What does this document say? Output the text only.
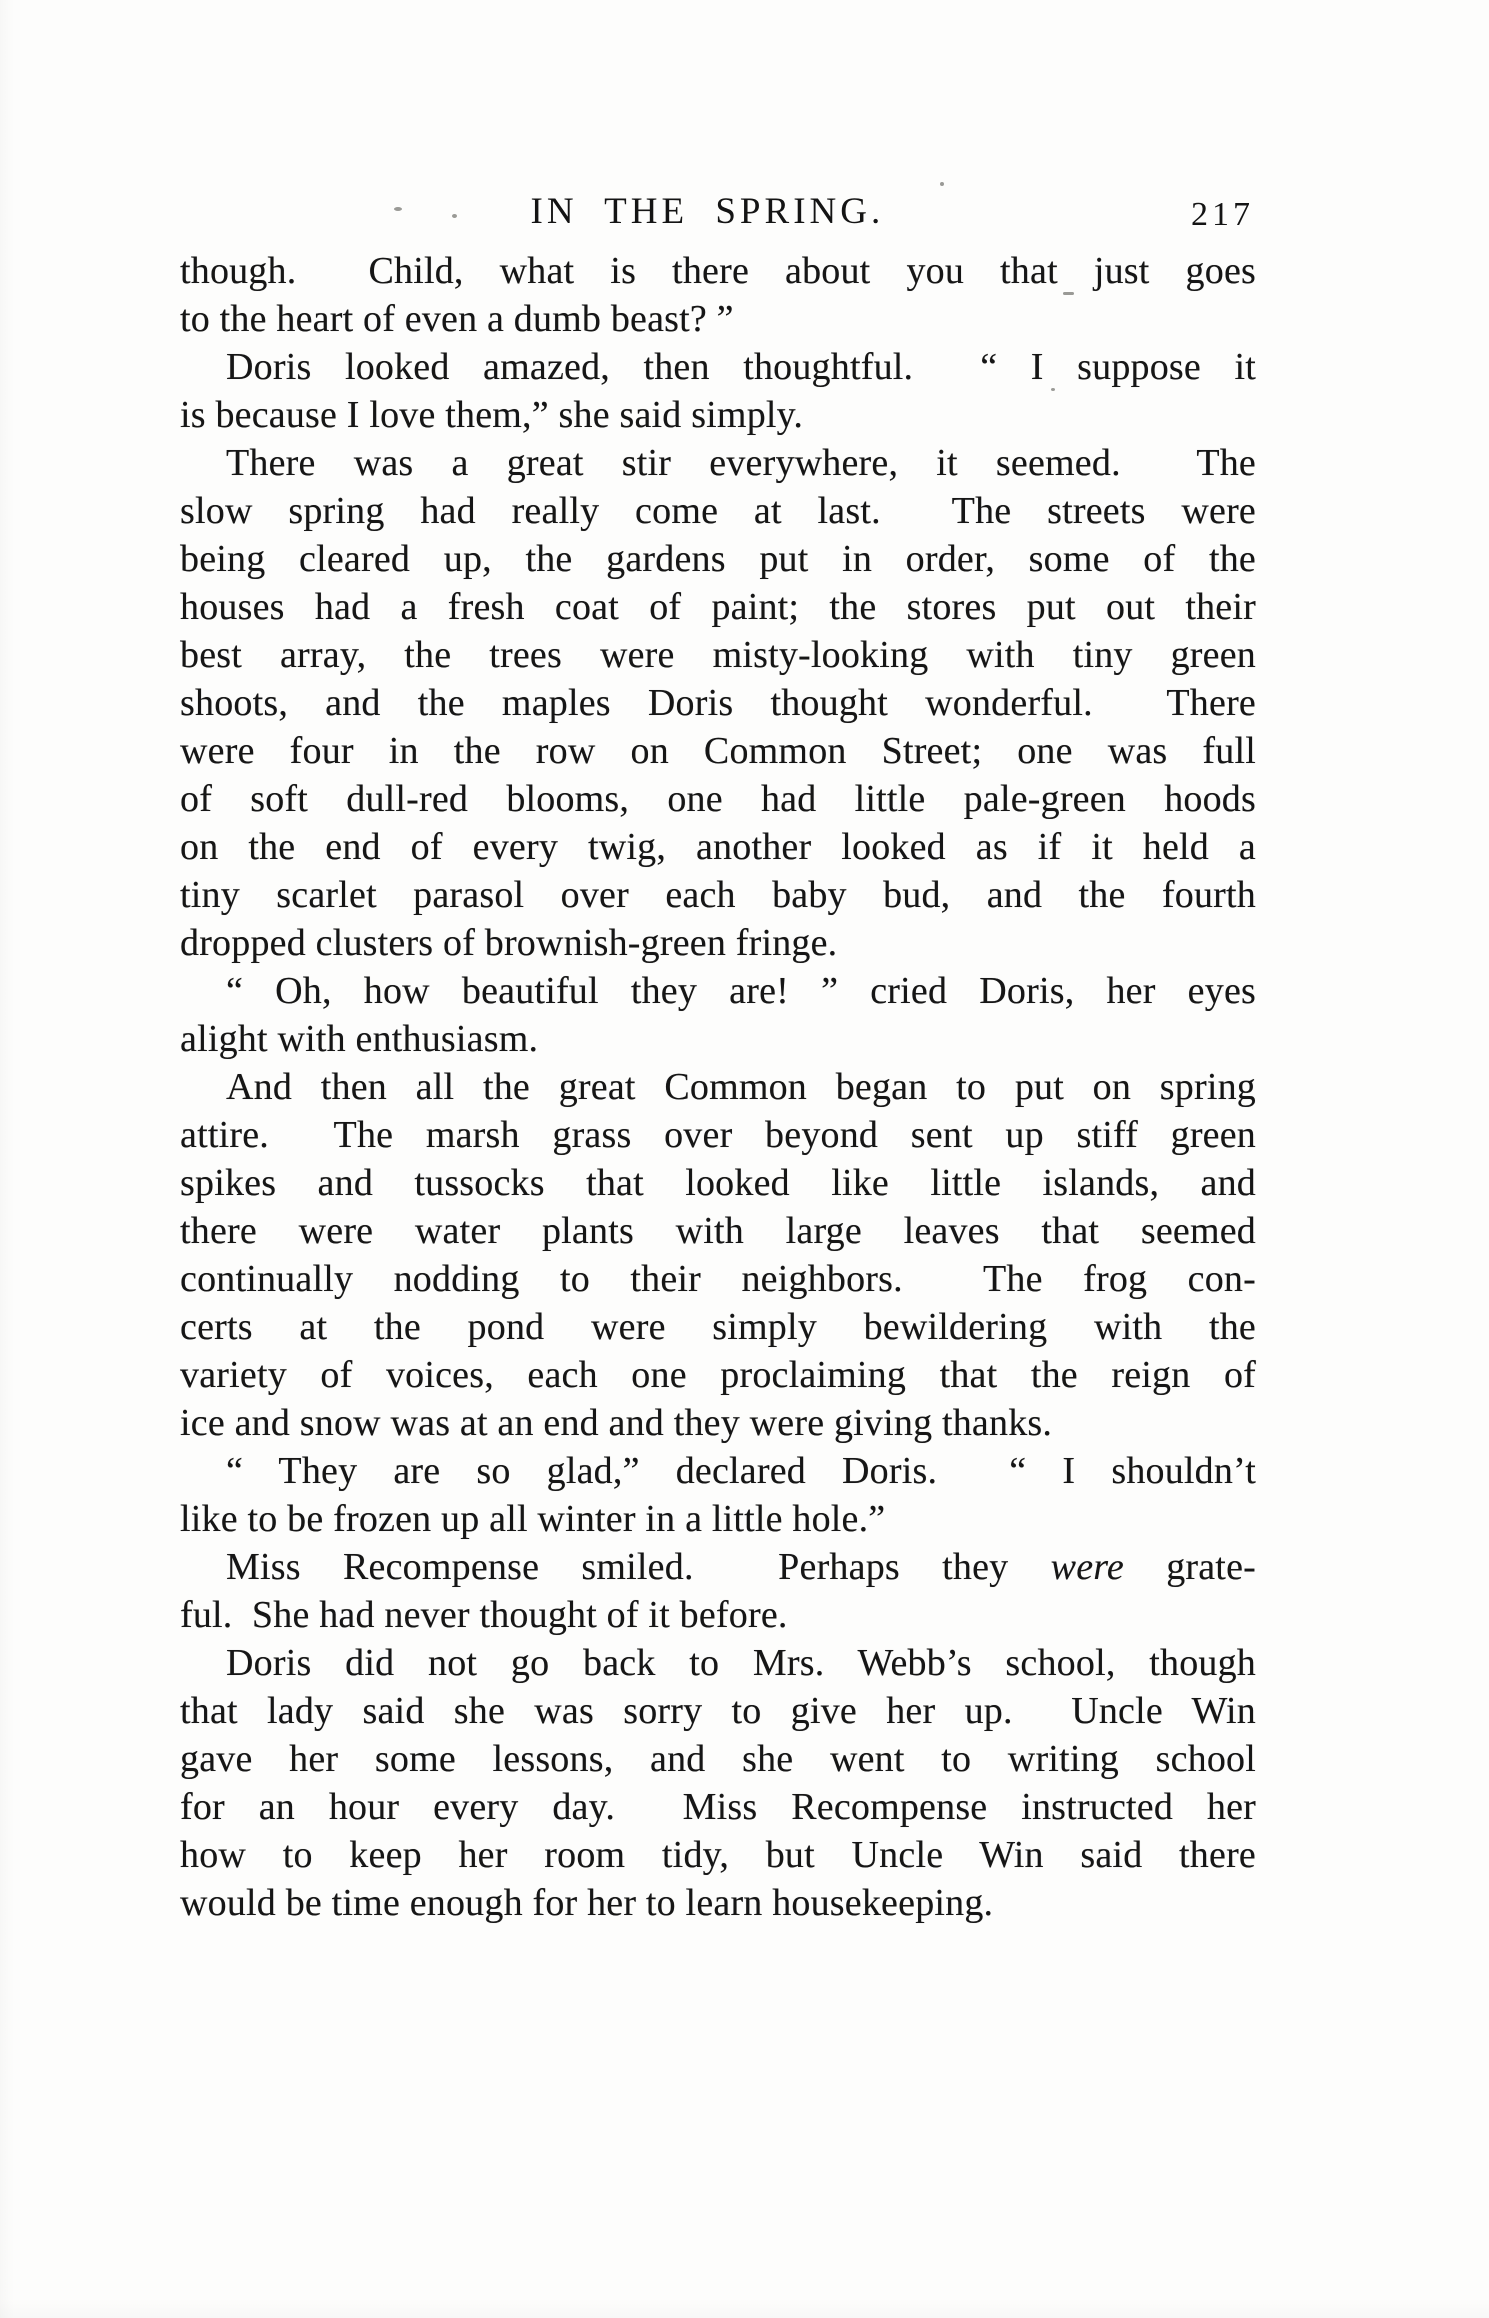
IN THE SPRING.	217
though.  Child, what is there about you that just goes
to the heart of even a dumb beast? ”
Doris looked amazed, then thoughtful.  “ I suppose it
is because I love them,” she said simply.
There was a great stir everywhere, it seemed.  The
slow spring had really come at last.  The streets were
being cleared up, the gardens put in order, some of the
houses had a fresh coat of paint; the stores put out their
best array, the trees were misty-looking with tiny green
shoots, and the maples Doris thought wonderful.  There
were four in the row on Common Street; one was full
of soft dull-red blooms, one had little pale-green hoods
on the end of every twig, another looked as if it held a
tiny scarlet parasol over each baby bud, and the fourth
dropped clusters of brownish-green fringe.
“ Oh, how beautiful they are! ” cried Doris, her eyes
alight with enthusiasm.
And then all the great Common began to put on spring
attire.  The marsh grass over beyond sent up stiff green
spikes and tussocks that looked like little islands, and
there were water plants with large leaves that seemed
continually nodding to their neighbors.  The frog con-
certs at the pond were simply bewildering with the
variety of voices, each one proclaiming that the reign of
ice and snow was at an end and they were giving thanks.
“ They are so glad,” declared Doris.  “ I shouldn’t
like to be frozen up all winter in a little hole.”
Miss Recompense smiled.  Perhaps they were grate-
ful.  She had never thought of it before.
Doris did not go back to Mrs. Webb’s school, though
that lady said she was sorry to give her up.  Uncle Win
gave her some lessons, and she went to writing school
for an hour every day.  Miss Recompense instructed her
how to keep her room tidy, but Uncle Win said there
would be time enough for her to learn housekeeping.
